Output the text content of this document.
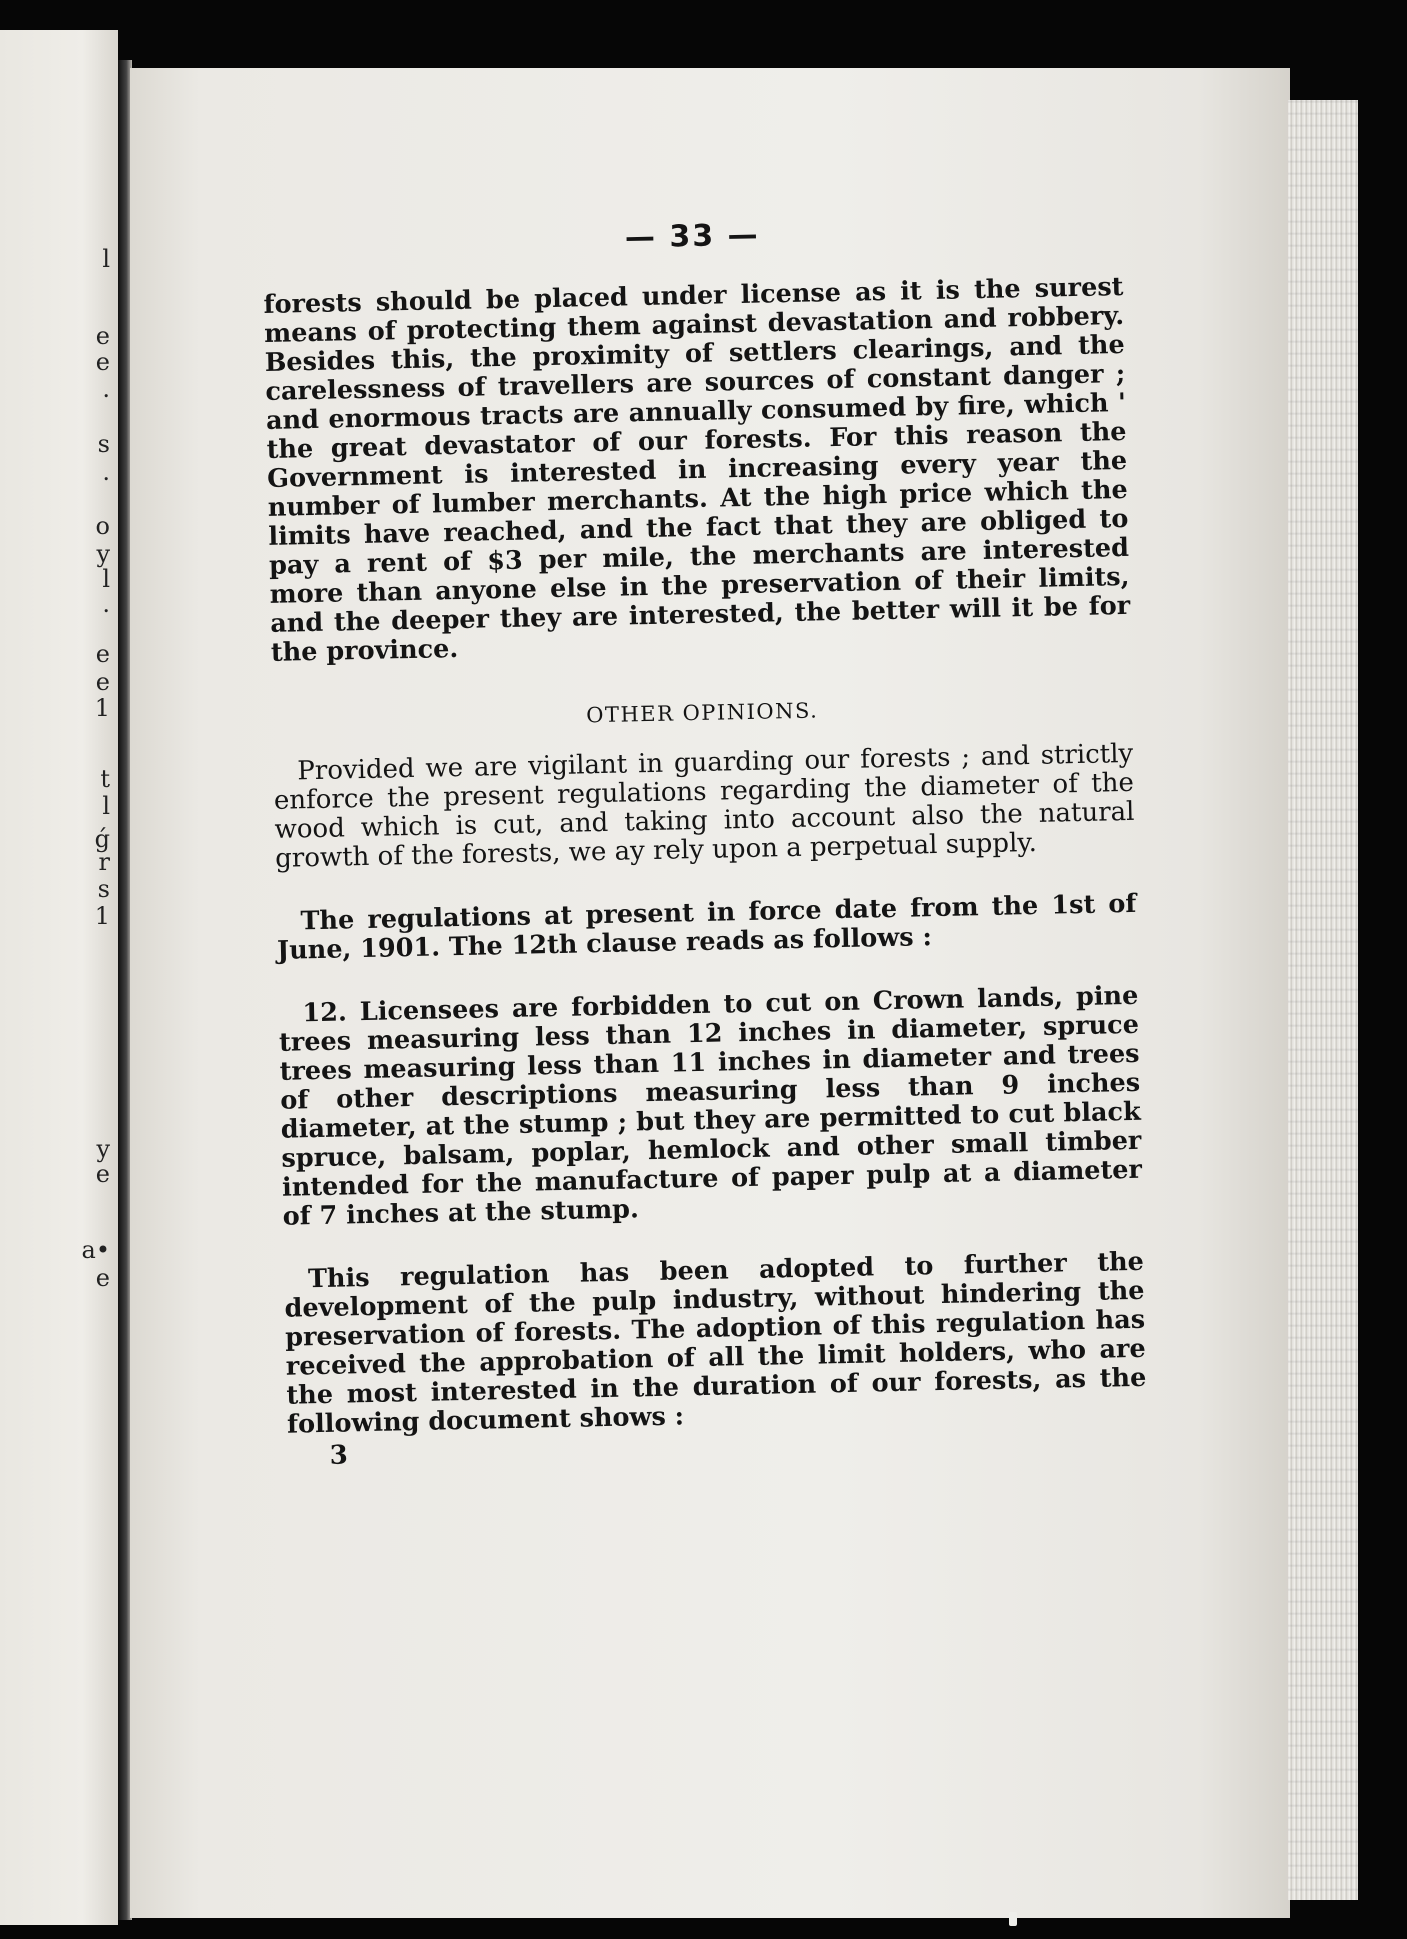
l
e
e
.
s
.
o
y
l
.
e
e
1
t
l
ǵ
r
s
1
y
e
a•
e
— 33 —

forests should be placed under license as it is the surest means of protecting them against devastation and robbery. Besides this, the proximity of settlers clearings, and the carelessness of travellers are sources of constant danger ; and enormous tracts are annually consumed by fire, which ' the great devastator of our forests. For this reason the Government is interested in increasing every year the number of lumber merchants. At the high price which the limits have reached, and the fact that they are obliged to pay a rent of $3 per mile, the merchants are interested more than anyone else in the preservation of their limits, and the deeper they are interested, the better will it be for the province.

OTHER OPINIONS.

Provided we are vigilant in guarding our forests ; and strictly enforce the present regulations regarding the diameter of the wood which is cut, and taking into account also the natural growth of the forests, we ay rely upon a perpetual supply.

The regulations at present in force date from the 1st of June, 1901. The 12th clause reads as follows :

12. Licensees are forbidden to cut on Crown lands, pine trees measuring less than 12 inches in diameter, spruce trees measuring less than 11 inches in diameter and trees of other descriptions measuring less than 9 inches diameter, at the stump ; but they are permitted to cut black spruce, balsam, poplar, hemlock and other small timber intended for the manufacture of paper pulp at a diameter of 7 inches at the stump.

This regulation has been adopted to further the development of the pulp industry, without hindering the preservation of forests. The adoption of this regulation has received the approbation of all the limit holders, who are the most interested in the duration of our forests, as the following document shows :

3
